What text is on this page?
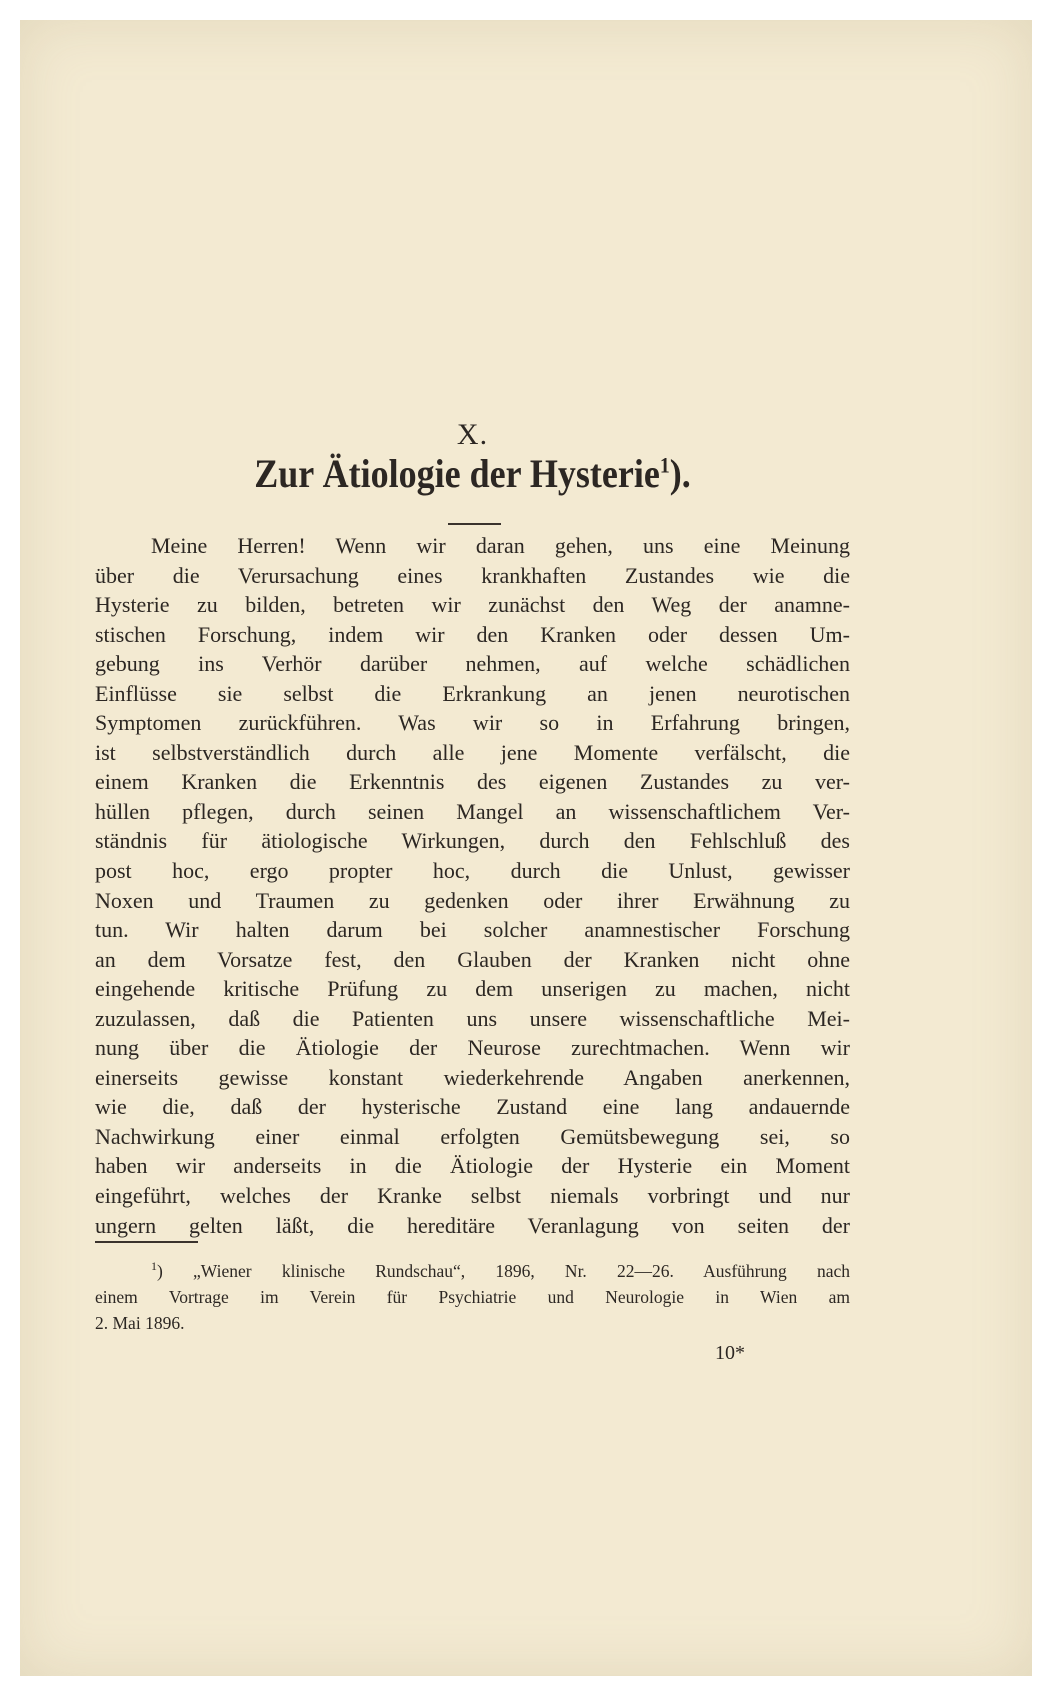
X.
Zur Ätiologie der Hysterie$^1$).
Meine Herren! Wenn wir daran gehen, uns eine Meinung
über die Verursachung eines krankhaften Zustandes wie die
Hysterie zu bilden, betreten wir zunächst den Weg der anamne-
stischen Forschung, indem wir den Kranken oder dessen Um-
gebung ins Verhör darüber nehmen, auf welche schädlichen
Einflüsse sie selbst die Erkrankung an jenen neurotischen
Symptomen zurückführen. Was wir so in Erfahrung bringen,
ist selbstverständlich durch alle jene Momente verfälscht, die
einem Kranken die Erkenntnis des eigenen Zustandes zu ver-
hüllen pflegen, durch seinen Mangel an wissenschaftlichem Ver-
ständnis für ätiologische Wirkungen, durch den Fehlschluß des
post hoc, ergo propter hoc, durch die Unlust, gewisser
Noxen und Traumen zu gedenken oder ihrer Erwähnung zu
tun. Wir halten darum bei solcher anamnestischer Forschung
an dem Vorsatze fest, den Glauben der Kranken nicht ohne
eingehende kritische Prüfung zu dem unserigen zu machen, nicht
zuzulassen, daß die Patienten uns unsere wissenschaftliche Mei-
nung über die Ätiologie der Neurose zurechtmachen. Wenn wir
einerseits gewisse konstant wiederkehrende Angaben anerkennen,
wie die, daß der hysterische Zustand eine lang andauernde
Nachwirkung einer einmal erfolgten Gemütsbewegung sei, so
haben wir anderseits in die Ätiologie der Hysterie ein Moment
eingeführt, welches der Kranke selbst niemals vorbringt und nur
ungern gelten läßt, die hereditäre Veranlagung von seiten der
$^1$) „Wiener klinische Rundschau“, 1896, Nr. 22—26. Ausführung nach
einem Vortrage im Verein für Psychiatrie und Neurologie in Wien am
2. Mai 1896.
10*
